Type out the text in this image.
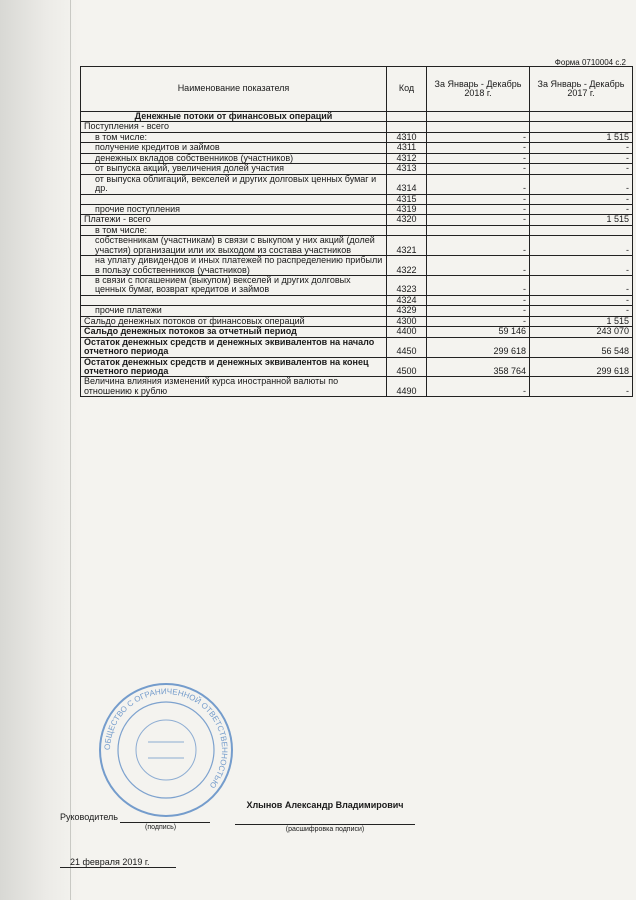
Форма 0710004 с.2
Наименование показателя	Код	За Январь - Декабрь 2018 г.	За Январь - Декабрь 2017 г.
Денежные потоки от финансовых операций			
Поступления - всего			
в том числе:	4310	-	1 515
получение кредитов и займов	4311	-	-
денежных вкладов собственников (участников)	4312	-	-
от выпуска акций, увеличения долей участия	4313	-	-
от выпуска облигаций, векселей и других долговых ценных бумаг и др.	4314	-	-
	4315	-	-
прочие поступления	4319	-	-
Платежи - всего	4320	-	1 515
в том числе:			
собственникам (участникам) в связи с выкупом у них акций (долей участия) организации или их выходом из состава участников	4321	-	-
на уплату дивидендов и иных платежей по распределению прибыли в пользу собственников (участников)	4322	-	-
в связи с погашением (выкупом) векселей и других долговых ценных бумаг, возврат кредитов и займов	4323	-	-
	4324	-	-
прочие платежи	4329	-	-
Сальдо денежных потоков от финансовых операций	4300	-	1 515
Сальдо денежных потоков за отчетный период	4400	59 146	243 070
Остаток денежных средств и денежных эквивалентов на начало отчетного периода	4450	299 618	56 548
Остаток денежных средств и денежных эквивалентов на конец отчетного периода	4500	358 764	299 618
Величина влияния изменений курса иностранной валюты по отношению к рублю	4490	-	-
ОБЩЕСТВО С ОГРАНИЧЕННОЙ ОТВЕТСТВЕННОСТЬЮ
Руководитель
(подпись)
Хлынов Александр Владимирович
(расшифровка подписи)
21 февраля 2019 г.
